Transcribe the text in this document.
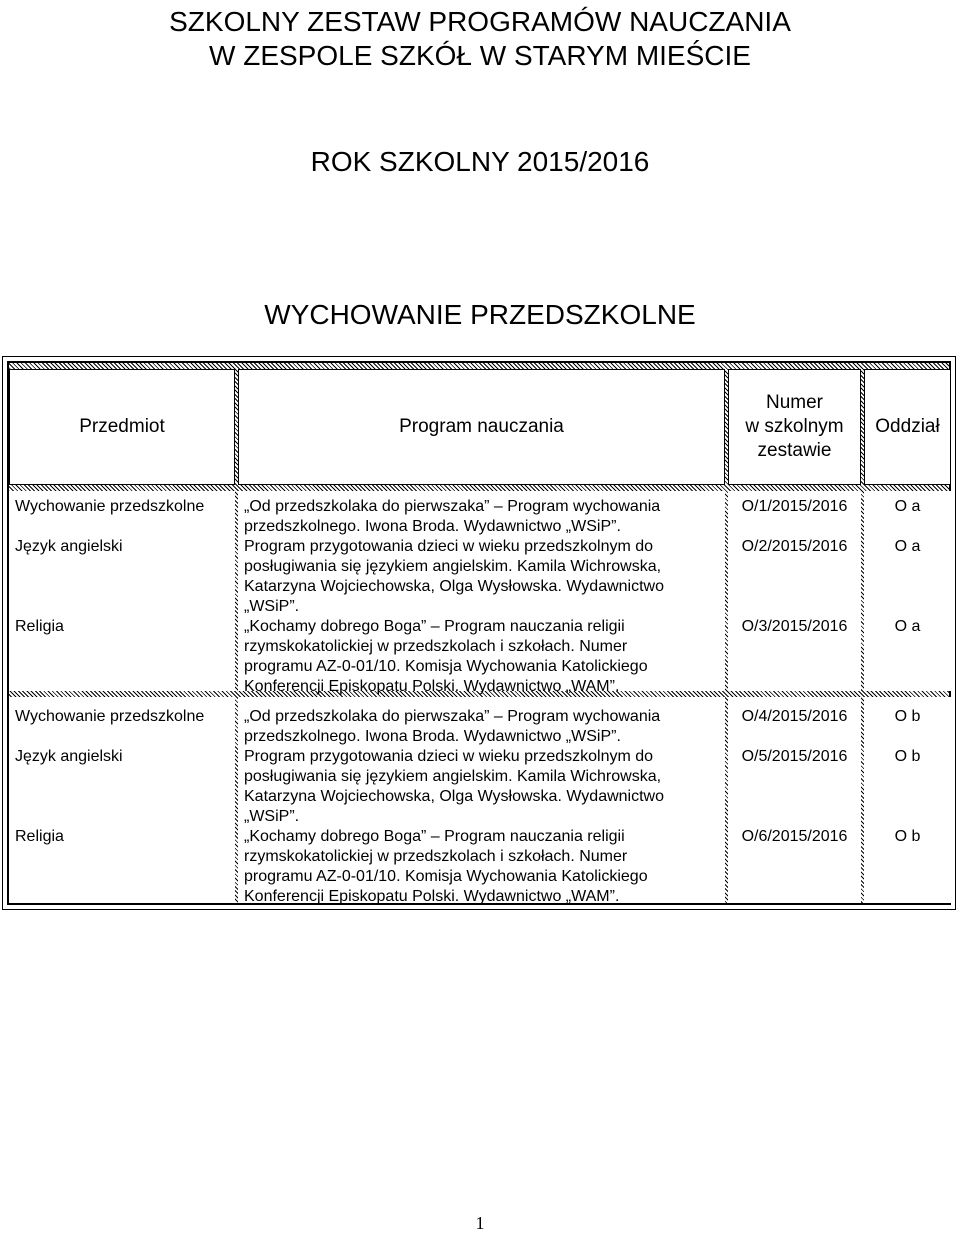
SZKOLNY ZESTAW PROGRAMÓW NAUCZANIA
W ZESPOLE SZKÓŁ W STARYM MIEŚCIE
ROK SZKOLNY 2015/2016
WYCHOWANIE PRZEDSZKOLNE
Przedmiot	Program nauczania
Numer
w szkolnym
zestawie
Oddział
Wychowanie przedszkolne
Język angielski
Religia
„Od przedszkolaka do pierwszaka” – Program wychowania
przedszkolnego. Iwona Broda. Wydawnictwo „WSiP”.
Program przygotowania dzieci w wieku przedszkolnym do
posługiwania się językiem angielskim. Kamila Wichrowska,
Katarzyna Wojciechowska, Olga Wysłowska. Wydawnictwo
„WSiP”.
„Kochamy dobrego Boga” – Program nauczania religii
rzymskokatolickiej w przedszkolach i szkołach. Numer
programu AZ-0-01/10. Komisja Wychowania Katolickiego
Konferencji Episkopatu Polski. Wydawnictwo „WAM”.
O/1/2015/2016
O/2/2015/2016
O/3/2015/2016
O a
O a
O a
Wychowanie przedszkolne
Język angielski
Religia
„Od przedszkolaka do pierwszaka” – Program wychowania
przedszkolnego. Iwona Broda. Wydawnictwo „WSiP”.
Program przygotowania dzieci w wieku przedszkolnym do
posługiwania się językiem angielskim. Kamila Wichrowska,
Katarzyna Wojciechowska, Olga Wysłowska. Wydawnictwo
„WSiP”.
„Kochamy dobrego Boga” – Program nauczania religii
rzymskokatolickiej w przedszkolach i szkołach. Numer
programu AZ-0-01/10. Komisja Wychowania Katolickiego
Konferencji Episkopatu Polski. Wydawnictwo „WAM”.
O/4/2015/2016
O/5/2015/2016
O/6/2015/2016
O b
O b
O b
1
